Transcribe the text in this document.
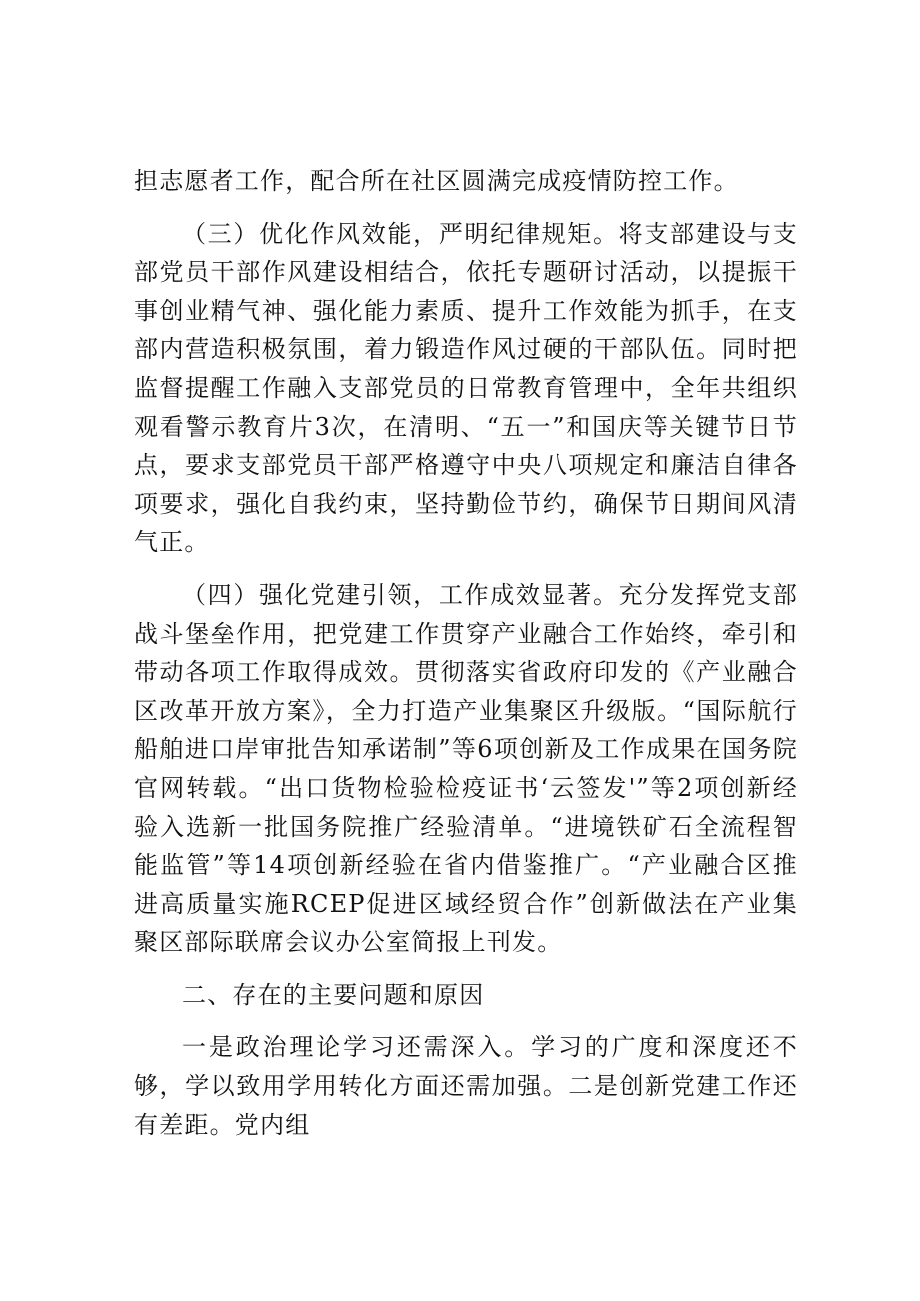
担志愿者工作，配合所在社区圆满完成疫情防控工作。

（三）优化作风效能，严明纪律规矩。将支部建设与支部党员干部作风建设相结合，依托专题研讨活动，以提振干事创业精气神、强化能力素质、提升工作效能为抓手，在支部内营造积极氛围，着力锻造作风过硬的干部队伍。同时把监督提醒工作融入支部党员的日常教育管理中，全年共组织观看警示教育片3次，在清明、“五一”和国庆等关键节日节点，要求支部党员干部严格遵守中央八项规定和廉洁自律各项要求，强化自我约束，坚持勤俭节约，确保节日期间风清气正。

（四）强化党建引领，工作成效显著。充分发挥党支部战斗堡垒作用，把党建工作贯穿产业融合工作始终，牵引和带动各项工作取得成效。贯彻落实省政府印发的《产业融合区改革开放方案》，全力打造产业集聚区升级版。“国际航行船舶进口岸审批告知承诺制”等6项创新及工作成果在国务院官网转载。“出口货物检验检疫证书‘云签发'”等2项创新经验入选新一批国务院推广经验清单。“进境铁矿石全流程智能监管”等14项创新经验在省内借鉴推广。“产业融合区推进高质量实施RCEP促进区域经贸合作”创新做法在产业集聚区部际联席会议办公室简报上刊发。

二、存在的主要问题和原因

一是政治理论学习还需深入。学习的广度和深度还不够，学以致用学用转化方面还需加强。二是创新党建工作还有差距。党内组
